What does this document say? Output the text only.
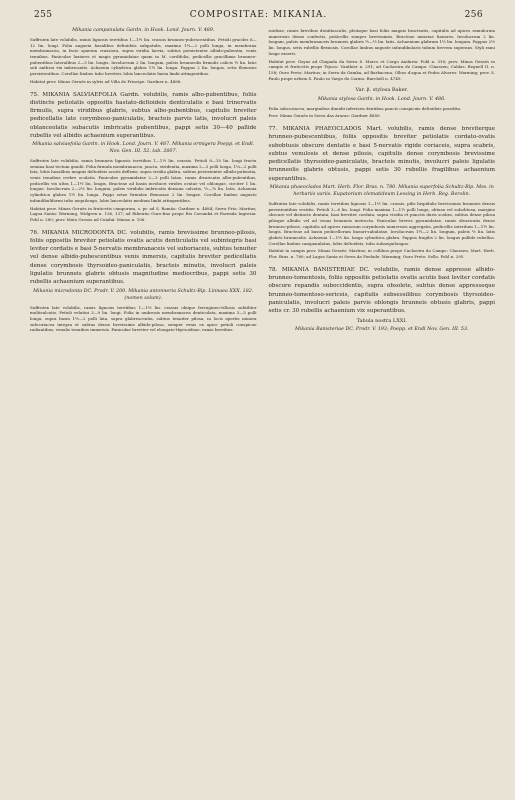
255	COMPOSITAE: MIKANIA.	256

Mikania campanulata Gardn. in Hook. Lond. Journ. V. 489.

Suffrutex late volubilis, ramis lignosis teretibus 1—1½ lin. crassis brunneo-pubescentibus. Petioli graciles 6—12 lin. longi. Folia angusta basalibus deltoideis subpatulis, maxima 1¼—2 polli longa, in membrana membranacea, in facie sparsim crassiora, supra viridia laevia, subtus persistenter albido-pubentia, venis tenuibus. Paniculae laxiores et magis pyramidatae quam in M. cordifolia, pedicellis gracillimis brunneo-pubentibus lateralibus 2—3 lin. longis. Involucrum 2 lin. longum, paleis brunneolis firmulis calicis ½ lin. latis sub anthesi vix imbricantis. Achaenia cylindrica glabra 1½ lin. longa. Pappus 2 lin. longus, setis flexuosis persistentibus. Corollae limbus tubo breviter, lobis lanceolatis basin limbi attingentibus.

Habitat prov. Minas Geraës in sylvis ad Villa do Principe: Gardner n. 4888.

75. MIKANIA SALVIAEFOLIA Gardn. volubilis, ramis albo-pubentibus, foliis distincte petiolatis oppositis hastato-deltoideis denticulatis e basi trinervatis firmulis, supra viridibus glabris, subtus albo-pubentibus, capitulis breviter pedicellatis late corymboso-paniculatis, bracteis parvis latis, involucri paleis oblanceolatis subacutis imbricatis pubentibus, pappi setis 30—40 pallide rubellis vel albidis achaenium superantibus.

Mikania salviaefolia Gardn. in Hook. Lond. Journ. V. 487. Mikania ormigera Poepp. et Endl. Nov. Gen. III. 52. tab. 2607.

Suffrutex late volubilis, ramis brunneis lignosis teretibus 1—1½ lin. crassis. Petioli 8—10 lin. longi fructu semina basi tectum gaudii. Folia firmula membranacea, juncta, stridentia, maxima 2—3 polli longa, 1¼—2 polli lata, lobis basalibus magnis deltoideis acutis deflexis, supra viridia glabra, subtus persistenter albido-pubentia, venis tenuibus crebre oculatis. Paniculae pyramidatae 2—3 polli latae, ramis divaricatis albo-pubentibus, pedicellis vix ultra 1—1½ lin. longis. Bracteae ad basin involucri virides ovatae vel oblongae, circiter 1 lin. longae. Involucrum 2—2½ lin. longum, paleis viridulis imbricatis densum calvatis, ½—¾ lin. latis. Achaenia cylindrica glabra 1½ lin. longa. Pappi setae firmulae flexuosae 2 lin. longae. Corollae limbus angusto infundibuliformi tubo aequilongo, lobis lanceolatis medium limbi attingentibus.

Habitat prov. Minas Geraës in fruticetis camporum, s. pr. ad S. Romão: Gardner n. 4884; Serra Frio: Martius; Lagoa Santa: Warming, Widgren n. 136, 137; ad Ribeirão Ouro-fino prope Rio Corumbá et Fazenda Ingrezia: Pohl n. 280; prov. Mato Grosso ad Cuiabá: Manso n. 106.

76. MIKANIA MICRODONTA DC. volubilis, ramis brevissime brunneo-pilosis, foliis oppositis breviter petiolatis ovatis acutis denticulatis vel subintegris basi leviter cordatis e basi 5-nervatis membranaceis vel suboriaceis, subtus tenuiter vel dense albido-pubescentibus venis inmersis, capitulis breviter pedicellatis dense corymbosis thyrsoideo-paniculatis, bracteis minutis, involucri paleis ligulatis brunneis glabris obtusis magnitudine mediocribus, pappi setis 30 rubellis achaenium superantibus.

Mikania microdonta DC. Prodr. V. 200. Mikania antonneria Schultz-Bip. Linnaea XXX. 182. (nomen solum).

Suffrutex late volubilis, ramis lignosis teretibus 1—1½ lin. crassis obique ferrugineo-villosis subtiliter multisulcatis. Petioli velutini 3—9 lin. longi. Folia in umbrosis membranacea denticulata, maxima 3—5 polli longa, supra basin 1½—2 polli lata, supra glabrescentia, subtus tenuiter pilosa, in locis apertis minora subcoriacea integra et subtus dense brevissime albido-pilosa, semper venis ex apice petioli conspicue radiantibus, venulis tenuibus immersis. Paniculae breviter vel elongato-thyrsoideae, ramis brevibus.

soideae, ramis brevibus dissitiusculis, pleiisque basi foliis magnis bracteatis, capitulis ad apices ramulorum numerosis dense confertis, pedicellis semper brevissimis. Bracteae minutae lineares. Involucrum 2 lin. longum, paleis membranaceis brunneis glabris ½—½ lin. latis. Achaenium glabrum 1½ lin. longum. Pappus 2½ lin. longus, setis rubellis flexuosis. Corollae limbus anguste infundibularis tubum brevem superans. Styli rami longe exserti.

Habitat prov. Goyaz ad Chapada da Serra S. Marco et Corgo Anduriu: Pohl n. 316; prov. Minas Geraës in campis et fruticetis prope Tejuco: Vauthier n. 291; ad Cachoeira do Campo: Claussen; Caldas: Regnell II. n. 158; Ouro Preto: Martius; in Serra da Gamba, ad Barbacena, Olhos d'agua et Pedra Alvares: Warming; prov. S. Paulo prope urbem S. Paulo in Vargo do Carmo: Burchell n. 4749.

Var. β. stylosa Baker.

Mikania stylosa Gardn. in Hook. Lond. Journ. V. 486.

Folia subcoriacea, marginibus dimidii inferioris dentibus paucis conspicuis deltoideis praedita.

Prov. Minas Geraës in Serra das Araras: Gardner 4889.

77. MIKANIA PHAEOCLADOS Mart. volubilis, ramis dense breviterque brunneo-pubescentibus, foliis oppositis breviter petiolatis cordato-ovatis subobtusis obscure dentatis e basi 5-nervatis rigide coriaceis, supra scabris, subtus venulosis et dense pilosis, capitulis dense corymbosis brevissime pedicellatis thyrsoideo-paniculatis, bracteis minutis, involucri paleis ligulatis brunneolis glabris obtusis, pappi setis 30 rubellis fragilibus achaenium superantibus.

Mikania phaeoclados Mart. Herb. Flor. Bras. n. 780. Mikania superfolia Schultz-Bip. Mss. in herbariis variis. Eupatorium clematideum Lessing in Herb. Reg. Berolin.

Suffrutex late volubilis, ramis teretibus lignosis 1—1½ lin. crassis, pilis hispidulis brevissimis brunneis densis persistentibus vestitis. Petioli 3—6 lin. longi. Folia maxima 1—1½ polli longa, obtusa vel subobtusa, margine obscure vel distincte dentata, basi breviter cordata, supra viridia et punctis duris scabra, subtus dense pilosa pilisque albidis vel ad venas brunneis instructa. Paniculae breves pyramidatae, ramis divaricatis dense brunneo-pilosis, capitulis ad apices ramorum corymbosis numerosis aggregatis, pedicellis interdum 1—1½ lin. longis. Bracteae ad basin pedicellorum lineari-subulatae. Involucrum 1½—2 lin. longum, paleis ½ lin. latis glabris brunneolis. Achaenia 1—1½ lin. longa cylindrica glabra. Pappus fragilis 2 lin. longus pallide rubellus. Corollae limbus campanulatus, lobis deltoideis, tubo subaequilongus.

Habitat in campis prov. Minas Geraës: Martius; in collibus prope Cachoeira do Campo: Claussen, Mart. Herb. Flor. Bras. n. 780; ad Lagoa Santa et Serra da Piedade: Warming; Ouro Preto: Sello, Pohl n. 295.

78. MIKANIA BANISTERIAE DC. volubilis, ramis dense appresse albido-brunneo-tomentosis, foliis oppositis petiolatis ovatis acutis basi leviter cordatis obscure repandis suboccidentis, supra obsolete, subtus dense appresseque brunneo-tomentoso-sericeis, capitulis subsessilibus corymbosis thyrsoideo-paniculatis, involucri paleis parvis oblongis brunneis obtusis glabris, pappi setis cr. 30 rubellis achaenium vix superantibus.

Tabula nostra LXXI.

Mikania Banisteriae DC. Prodr. V. 193; Poepp. et Endl Nov. Gen. III. 53.
